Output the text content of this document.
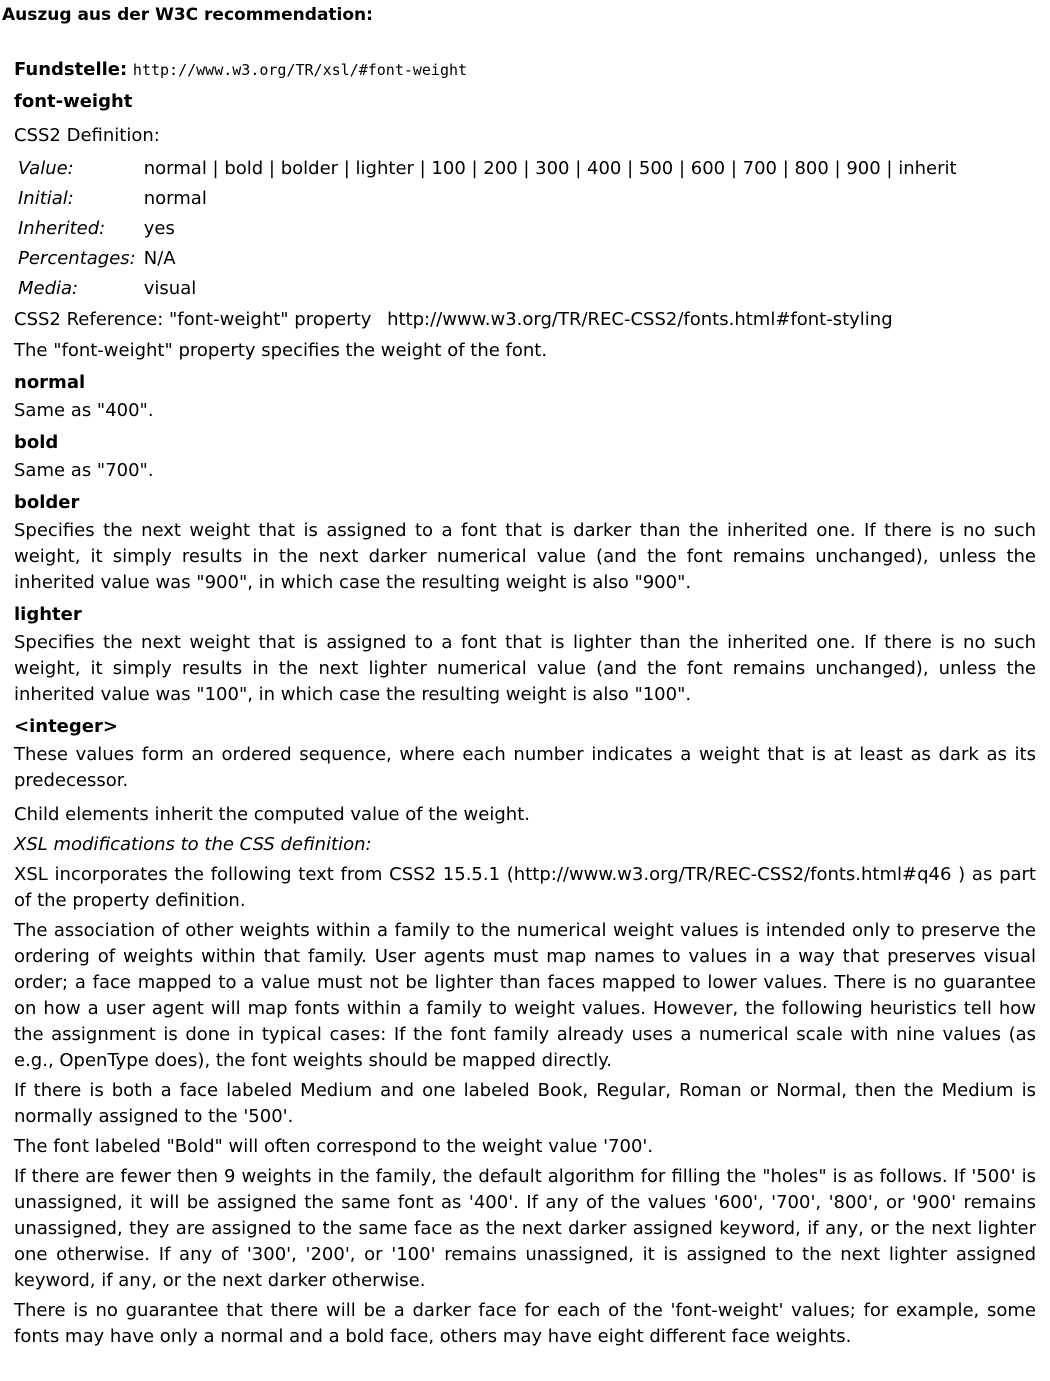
Auszug aus der W3C recommendation:

Fundstelle: http://www.w3.org/TR/xsl/#font-weight

font-weight

CSS2 Definition:

Value:	normal | bold | bolder | lighter | 100 | 200 | 300 | 400 | 500 | 600 | 700 | 800 | 900 | inherit
Initial:	normal
Inherited:	yes
Percentages:	N/A
Media:	visual

CSS2 Reference: "font-weight" property http://www.w3.org/TR/REC-CSS2/fonts.html#font-styling

The "font-weight" property specifies the weight of the font.

normal

Same as "400".

bold

Same as "700".

bolder

Specifies the next weight that is assigned to a font that is darker than the inherited one. If there is no such weight, it simply results in the next darker numerical value (and the font remains unchanged), unless the inherited value was "900", in which case the resulting weight is also "900".

lighter

Specifies the next weight that is assigned to a font that is lighter than the inherited one. If there is no such weight, it simply results in the next lighter numerical value (and the font remains unchanged), unless the inherited value was "100", in which case the resulting weight is also "100".

<integer>

These values form an ordered sequence, where each number indicates a weight that is at least as dark as its predecessor.

Child elements inherit the computed value of the weight.

XSL modifications to the CSS definition:

XSL incorporates the following text from CSS2 15.5.1 (http://www.w3.org/TR/REC-CSS2/fonts.html#q46 ) as part of the property definition.

The association of other weights within a family to the numerical weight values is intended only to preserve the ordering of weights within that family. User agents must map names to values in a way that preserves visual order; a face mapped to a value must not be lighter than faces mapped to lower values. There is no guarantee on how a user agent will map fonts within a family to weight values. However, the following heuristics tell how the assignment is done in typical cases: If the font family already uses a numerical scale with nine values (as e.g., OpenType does), the font weights should be mapped directly.

If there is both a face labeled Medium and one labeled Book, Regular, Roman or Normal, then the Medium is normally assigned to the '500'.

The font labeled "Bold" will often correspond to the weight value '700'.

If there are fewer then 9 weights in the family, the default algorithm for filling the "holes" is as follows. If '500' is unassigned, it will be assigned the same font as '400'. If any of the values '600', '700', '800', or '900' remains unassigned, they are assigned to the same face as the next darker assigned keyword, if any, or the next lighter one otherwise. If any of '300', '200', or '100' remains unassigned, it is assigned to the next lighter assigned keyword, if any, or the next darker otherwise.

There is no guarantee that there will be a darker face for each of the 'font-weight' values; for example, some fonts may have only a normal and a bold face, others may have eight different face weights.
